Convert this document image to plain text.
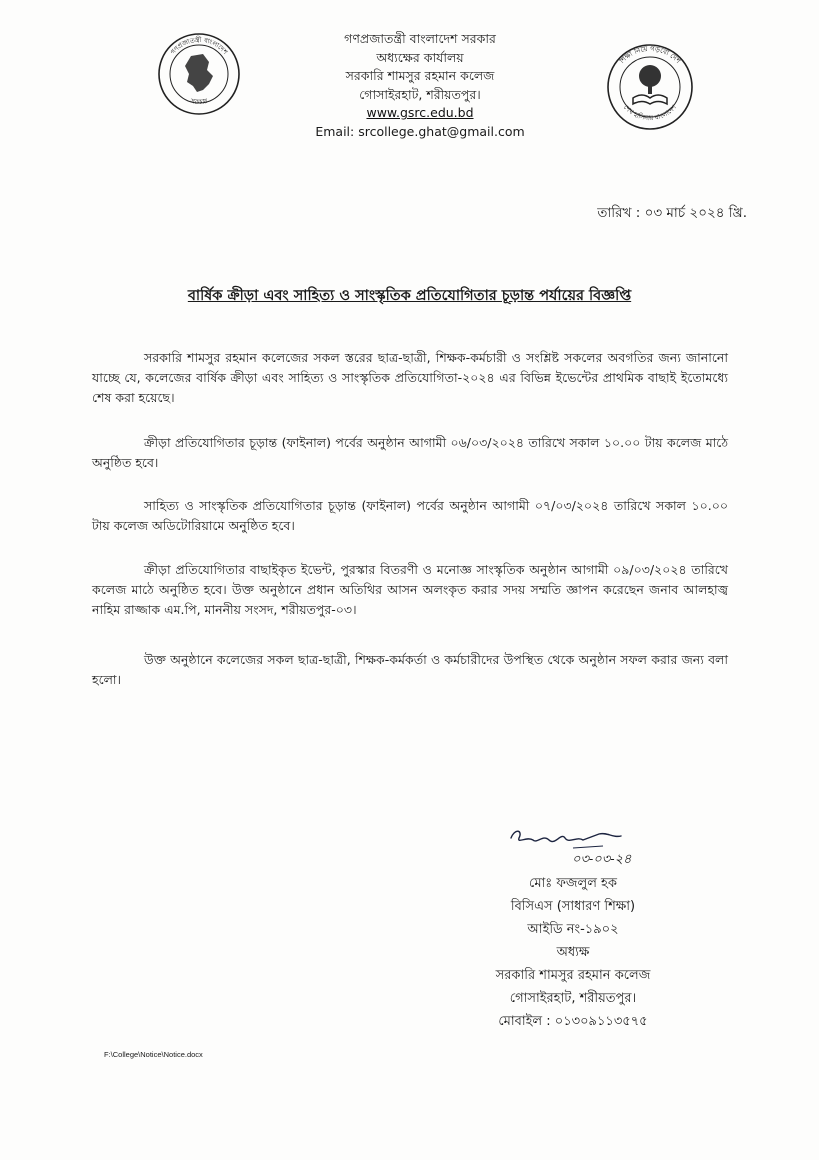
গণপ্রজাতন্ত্রী বাংলাদেশ
সরকার
গণপ্রজাতন্ত্রী বাংলাদেশ সরকার
অধ্যক্ষের কার্যালয়
সরকারি শামসুর রহমান কলেজ
গোসাইরহাট, শরীয়তপুর।
www.gsrc.edu.bd
Email: srcollege.ghat@gmail.com
শিক্ষা নিয়ে গড়বো দেশ
শেখ হাসিনার বাংলাদেশ
তারিখ : ০৩ মার্চ ২০২৪ খ্রি.
বার্ষিক ক্রীড়া এবং সাহিত্য ও সাংস্কৃতিক প্রতিযোগিতার চূড়ান্ত পর্যায়ের বিজ্ঞপ্তি
সরকারি শামসুর রহমান কলেজের সকল স্তরের ছাত্র-ছাত্রী, শিক্ষক-কর্মচারী ও সংশ্লিষ্ট সকলের অবগতির জন্য জানানো যাচ্ছে যে, কলেজের বার্ষিক ক্রীড়া এবং সাহিত্য ও সাংস্কৃতিক প্রতিযোগিতা-২০২৪ এর বিভিন্ন ইভেন্টের প্রাথমিক বাছাই ইতোমধ্যে শেষ করা হয়েছে।
ক্রীড়া প্রতিযোগিতার চূড়ান্ত (ফাইনাল) পর্বের অনুষ্ঠান আগামী ০৬/০৩/২০২৪ তারিখে সকাল ১০.০০ টায় কলেজ মাঠে অনুষ্ঠিত হবে।
সাহিত্য ও সাংস্কৃতিক প্রতিযোগিতার চূড়ান্ত (ফাইনাল) পর্বের অনুষ্ঠান আগামী ০৭/০৩/২০২৪ তারিখে সকাল ১০.০০ টায় কলেজ অডিটোরিয়ামে অনুষ্ঠিত হবে।
ক্রীড়া প্রতিযোগিতার বাছাইকৃত ইভেন্ট, পুরস্কার বিতরণী ও মনোজ্ঞ সাংস্কৃতিক অনুষ্ঠান আগামী ০৯/০৩/২০২৪ তারিখে কলেজ মাঠে অনুষ্ঠিত হবে। উক্ত অনুষ্ঠানে প্রধান অতিথির আসন অলংকৃত করার সদয় সম্মতি জ্ঞাপন করেছেন জনাব আলহাজ্ব নাহিম রাজ্জাক এম.পি, মাননীয় সংসদ, শরীয়তপুর-০৩।
উক্ত অনুষ্ঠানে কলেজের সকল ছাত্র-ছাত্রী, শিক্ষক-কর্মকর্তা ও কর্মচারীদের উপস্থিত থেকে অনুষ্ঠান সফল করার জন্য বলা হলো।
০৩-০৩-২৪
মোঃ ফজলুল হক
বিসিএস (সাধারণ শিক্ষা)
আইডি নং-১৯০২
অধ্যক্ষ
সরকারি শামসুর রহমান কলেজ
গোসাইরহাট, শরীয়তপুর।
মোবাইল : ০১৩০৯১১৩৫৭৫
F:\College\Notice\Notice.docx
